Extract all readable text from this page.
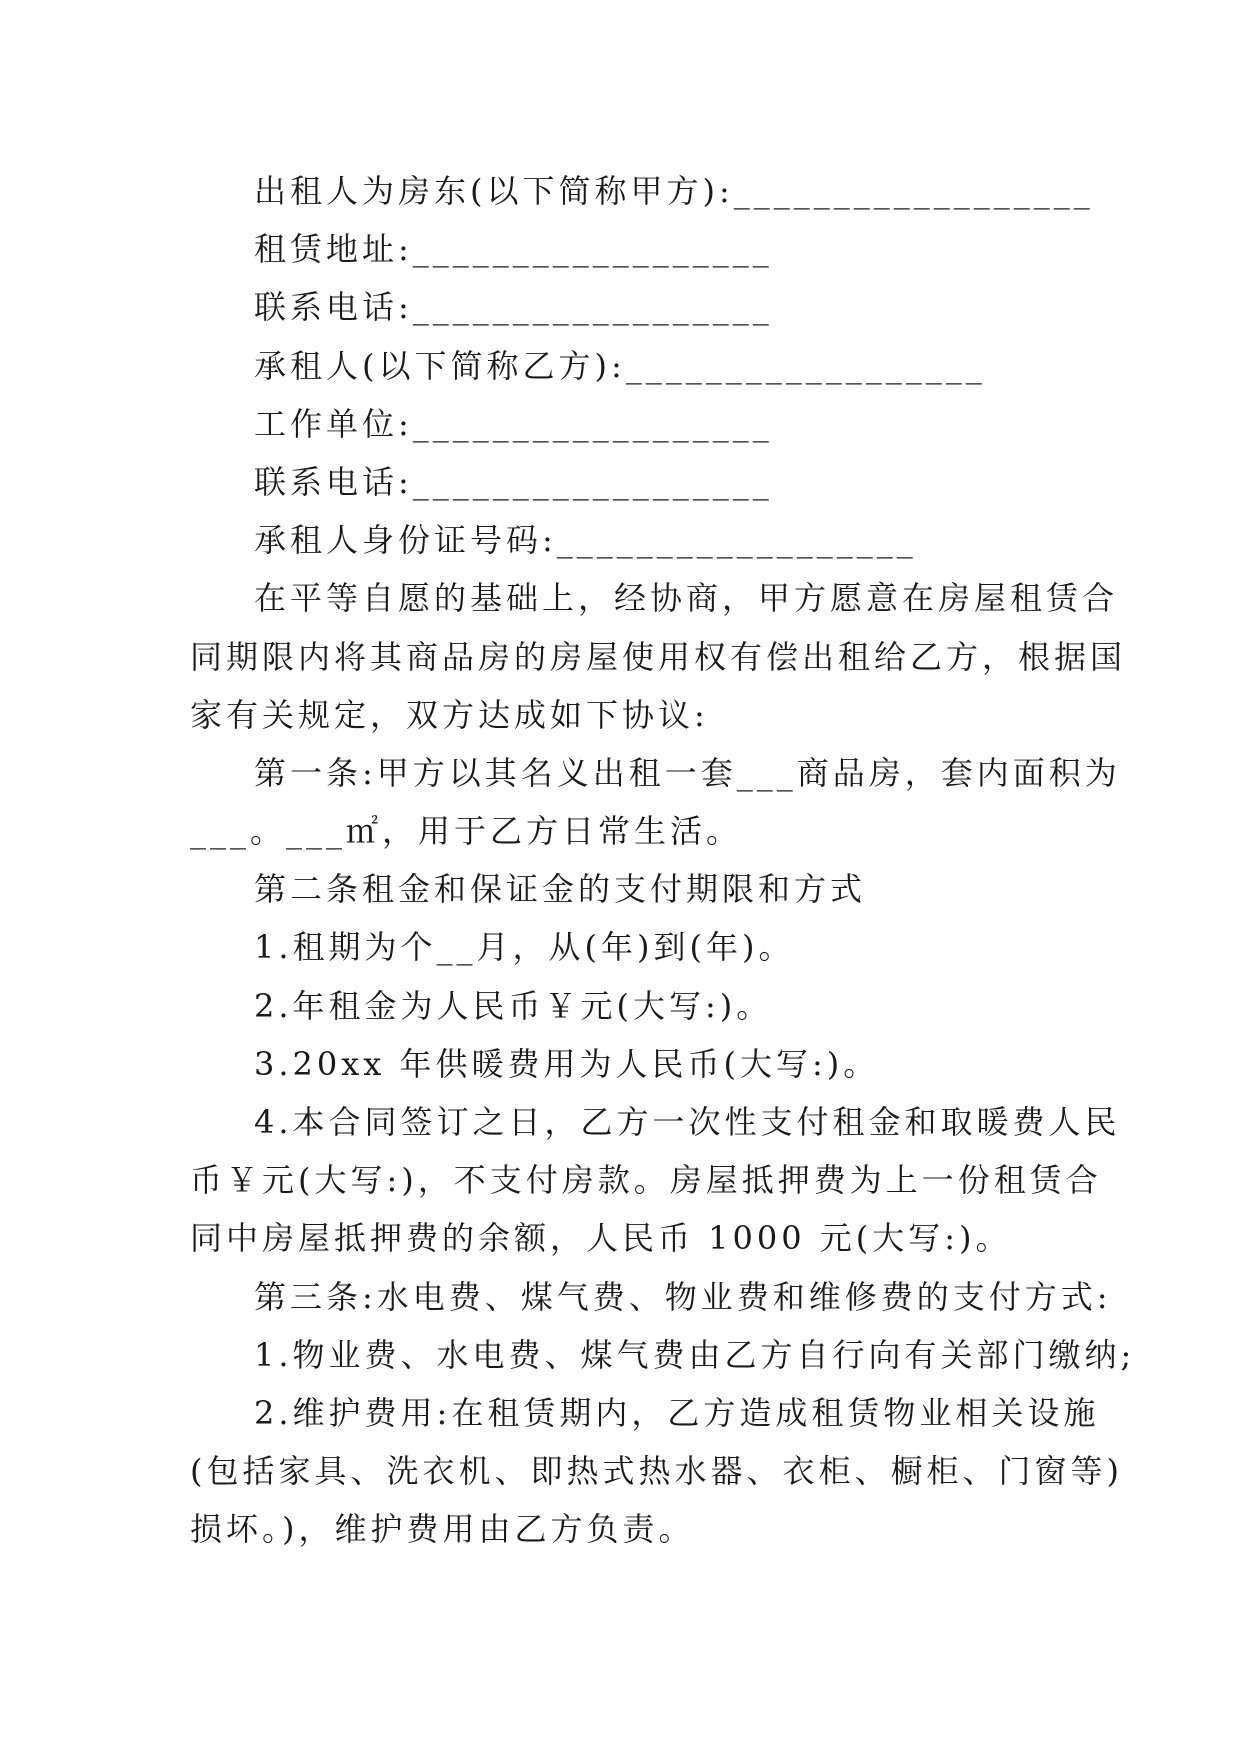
出租人为房东(以下简称甲方):__________________
租赁地址:__________________
联系电话:__________________
承租人(以下简称乙方):__________________
工作单位:__________________
联系电话:__________________
承租人身份证号码:__________________
在平等自愿的基础上，经协商，甲方愿意在房屋租赁合
同期限内将其商品房的房屋使用权有偿出租给乙方，根据国
家有关规定，双方达成如下协议:
第一条:甲方以其名义出租一套___商品房，套内面积为
___。___㎡，用于乙方日常生活。
第二条租金和保证金的支付期限和方式
1.租期为个__月，从(年)到(年)。
2.年租金为人民币￥元(大写:)。
3.20xx 年供暖费用为人民币(大写:)。
4.本合同签订之日，乙方一次性支付租金和取暖费人民
币￥元(大写:)，不支付房款。房屋抵押费为上一份租赁合
同中房屋抵押费的余额，人民币 1000 元(大写:)。
第三条:水电费、煤气费、物业费和维修费的支付方式:
1.物业费、水电费、煤气费由乙方自行向有关部门缴纳;
2.维护费用:在租赁期内，乙方造成租赁物业相关设施
(包括家具、洗衣机、即热式热水器、衣柜、橱柜、门窗等)
损坏。)，维护费用由乙方负责。
